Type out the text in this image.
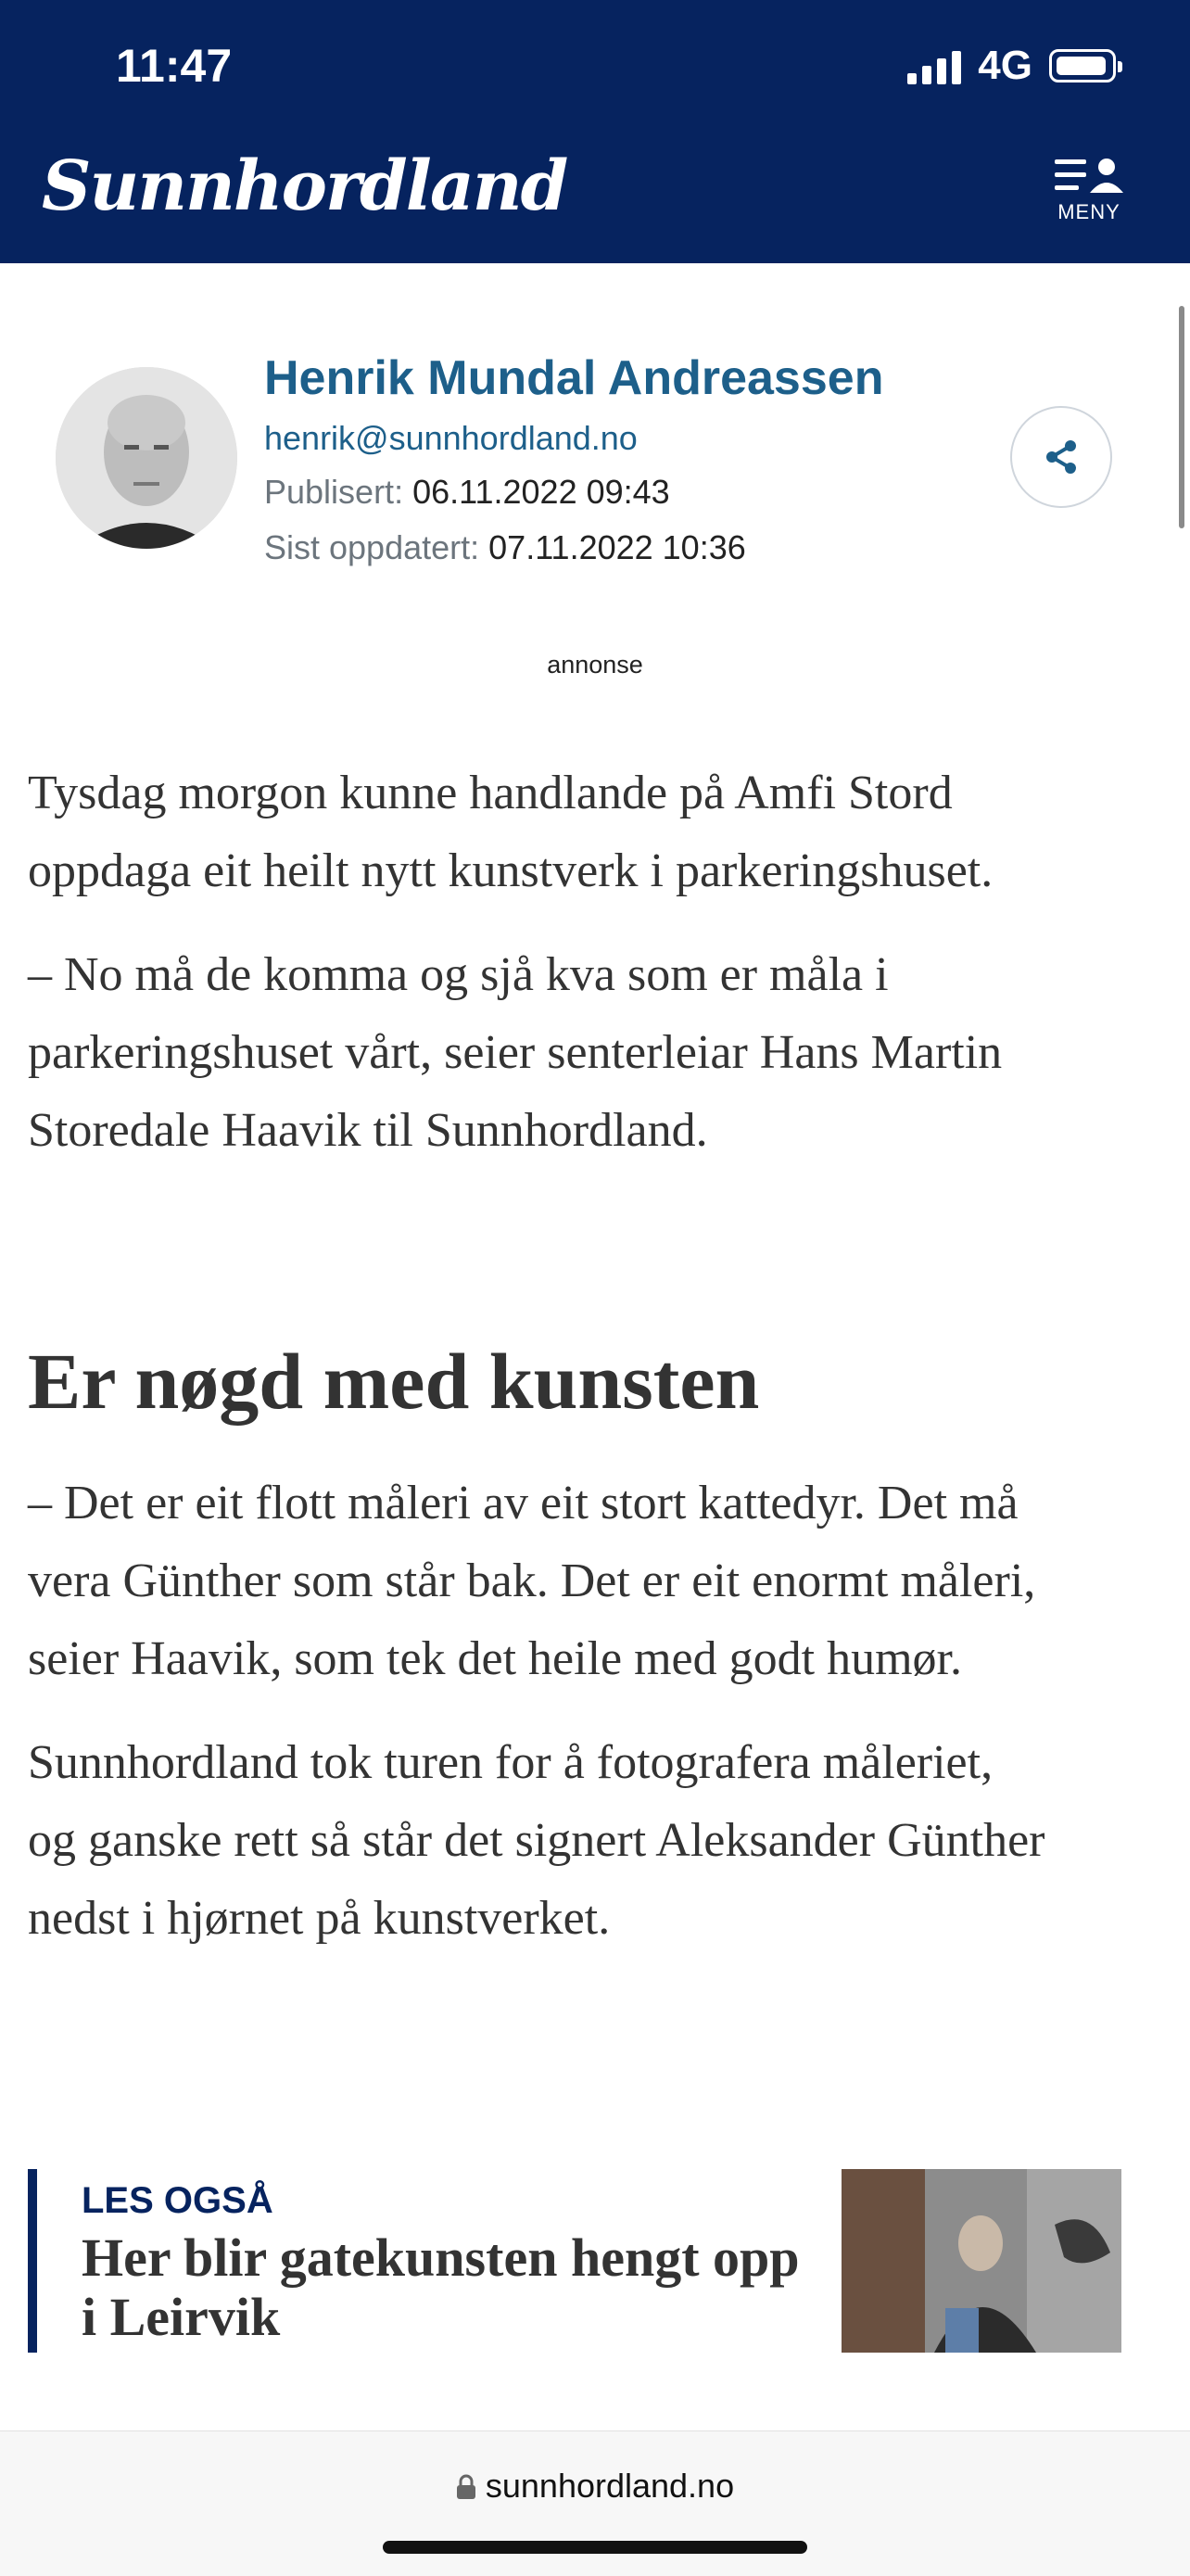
11:47	4G
Sunnhordland	MENY
Henrik Mundal Andreassen
henrik@sunnhordland.no
Publisert: 06.11.2022 09:43
Sist oppdatert: 07.11.2022 10:36
annonse

Tysdag morgon kunne handlande på Amfi Stord oppdaga eit heilt nytt kunstverk i parkeringshuset.

– No må de komma og sjå kva som er måla i parkeringshuset vårt, seier senterleiar Hans Martin Storedale Haavik til Sunnhordland.

Er nøgd med kunsten

– Det er eit flott måleri av eit stort kattedyr. Det må vera Günther som står bak. Det er eit enormt måleri, seier Haavik, som tek det heile med godt humør.

Sunnhordland tok turen for å fotografera måleriet, og ganske rett så står det signert Aleksander Günther nedst i hjørnet på kunstverket.

LES OGSÅ
Her blir gatekunsten hengt opp i Leirvik
sunnhordland.no
